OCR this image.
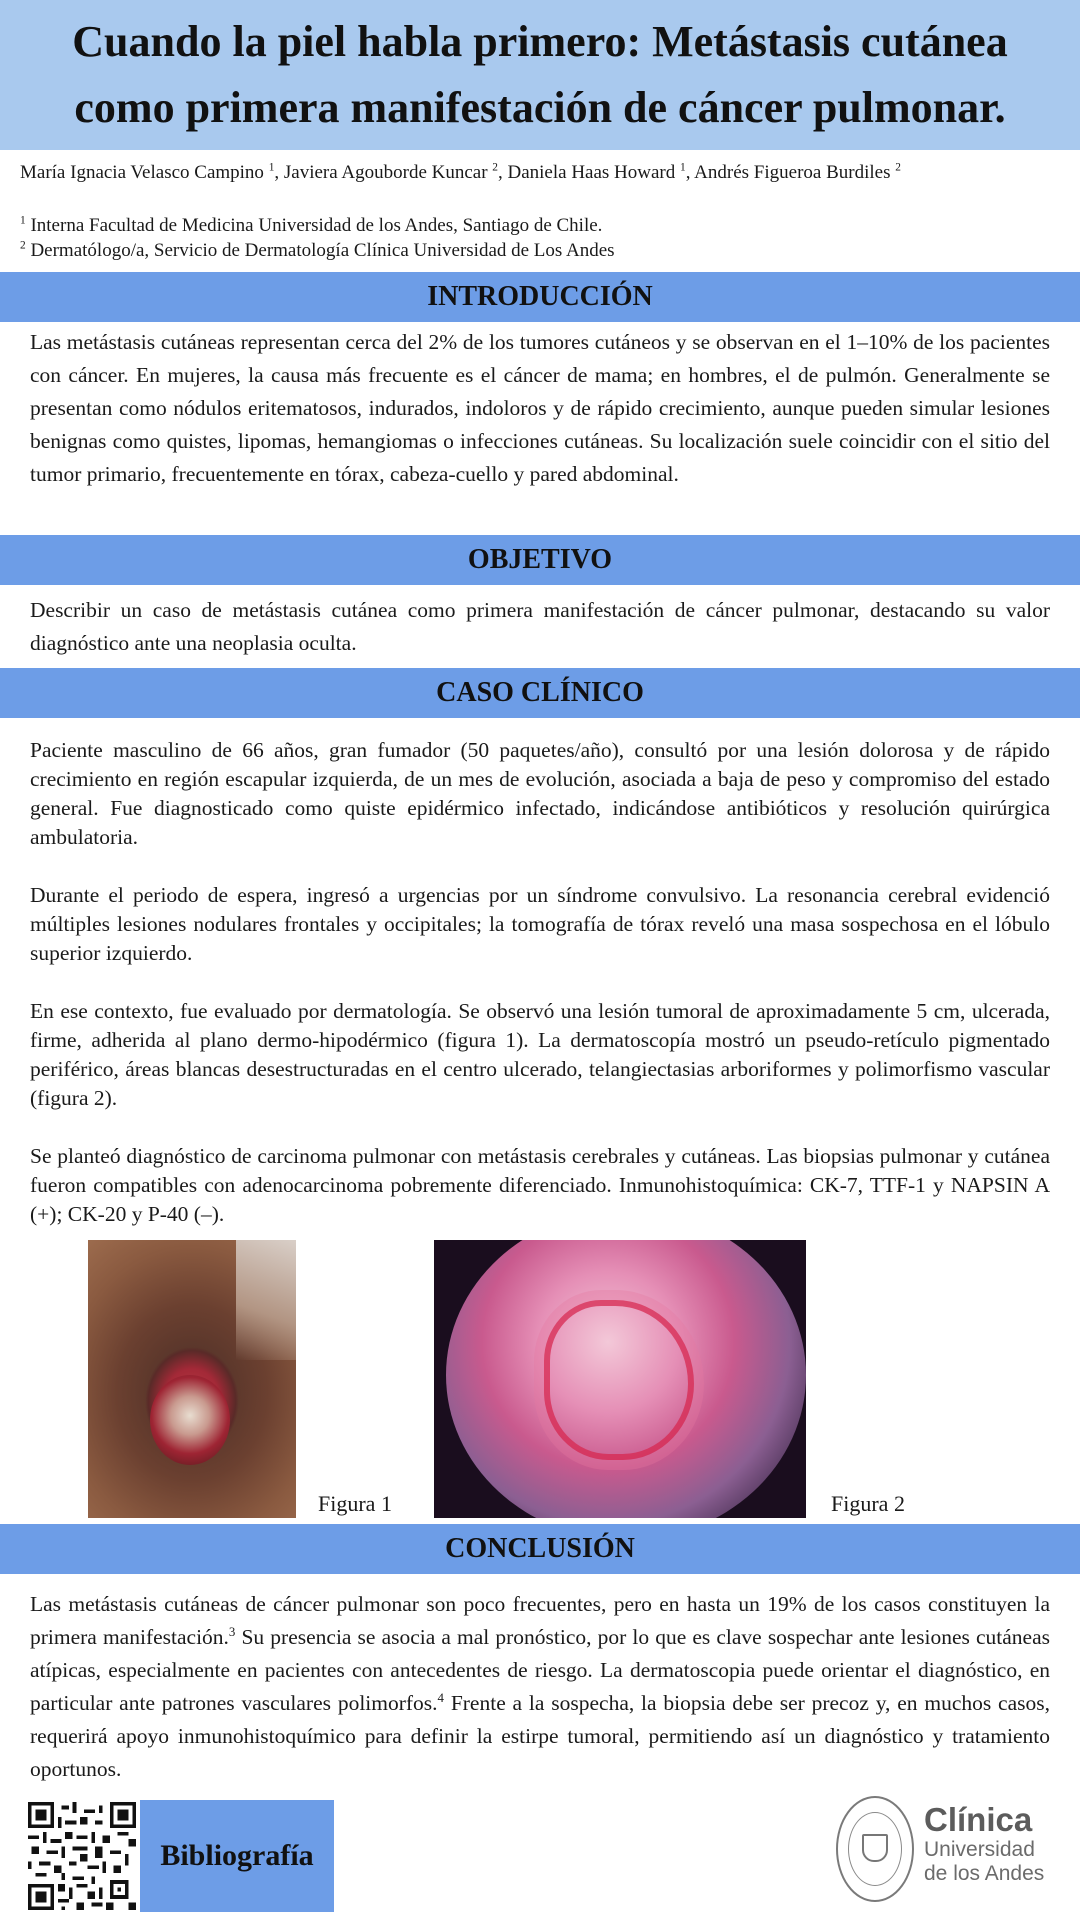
Cuando la piel habla primero: Metástasis cutánea
como primera manifestación de cáncer pulmonar.
María Ignacia Velasco Campino $^1$, Javiera Agouborde Kuncar $^2$, Daniela Haas Howard $^1$, Andrés Figueroa Burdiles $^2$
$^1$ Interna Facultad de Medicina Universidad de los Andes, Santiago de Chile.
$^2$ Dermatólogo/a, Servicio de Dermatología Clínica Universidad de Los Andes
INTRODUCCIÓN
Las metástasis cutáneas representan cerca del 2% de los tumores cutáneos y se observan en el 1–10% de los pacientes con cáncer. En mujeres, la causa más frecuente es el cáncer de mama; en hombres, el de pulmón. Generalmente se presentan como nódulos eritematosos, indurados, indoloros y de rápido crecimiento, aunque pueden simular lesiones benignas como quistes, lipomas, hemangiomas o infecciones cutáneas. Su localización suele coincidir con el sitio del tumor primario, frecuentemente en tórax, cabeza-cuello y pared abdominal.
OBJETIVO
Describir un caso de metástasis cutánea como primera manifestación de cáncer pulmonar, destacando su valor diagnóstico ante una neoplasia oculta.
CASO CLÍNICO

Paciente masculino de 66 años, gran fumador (50 paquetes/año), consultó por una lesión dolorosa y de rápido crecimiento en región escapular izquierda, de un mes de evolución, asociada a baja de peso y compromiso del estado general. Fue diagnosticado como quiste epidérmico infectado, indicándose antibióticos y resolución quirúrgica ambulatoria.

Durante el periodo de espera, ingresó a urgencias por un síndrome convulsivo. La resonancia cerebral evidenció múltiples lesiones nodulares frontales y occipitales; la tomografía de tórax reveló una masa sospechosa en el lóbulo superior izquierdo.

En ese contexto, fue evaluado por dermatología. Se observó una lesión tumoral de aproximadamente 5 cm, ulcerada, firme, adherida al plano dermo-hipodérmico (figura 1). La dermatoscopía mostró un pseudo-retículo pigmentado periférico, áreas blancas desestructuradas en el centro ulcerado, telangiectasias arboriformes y polimorfismo vascular (figura 2).

Se planteó diagnóstico de carcinoma pulmonar con metástasis cerebrales y cutáneas. Las biopsias pulmonar y cutánea fueron compatibles con adenocarcinoma pobremente diferenciado. Inmunohistoquímica: CK-7, TTF-1 y NAPSIN A (+); CK-20 y P-40 (–).

Figura 1	Figura 2
CONCLUSIÓN
Las metástasis cutáneas de cáncer pulmonar son poco frecuentes, pero en hasta un 19% de los casos constituyen la primera manifestación.$^3$ Su presencia se asocia a mal pronóstico, por lo que es clave sospechar ante lesiones cutáneas atípicas, especialmente en pacientes con antecedentes de riesgo. La dermatoscopia puede orientar el diagnóstico, en particular ante patrones vasculares polimorfos.$^4$ Frente a la sospecha, la biopsia debe ser precoz y, en muchos casos, requerirá apoyo inmunohistoquímico para definir la estirpe tumoral, permitiendo así un diagnóstico y tratamiento oportunos.
Bibliografía
Clínica
Universidad
de los Andes
